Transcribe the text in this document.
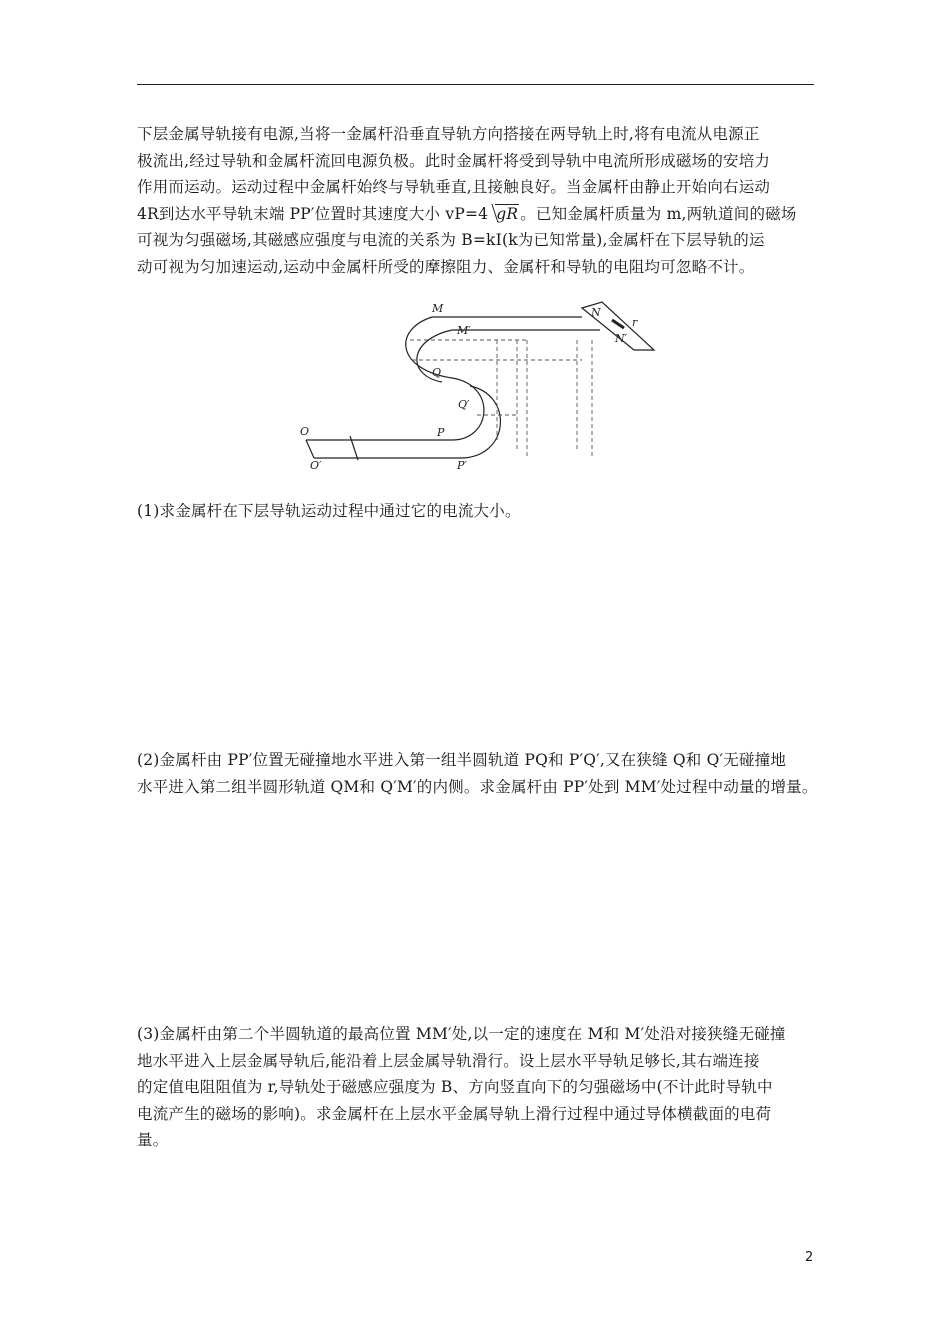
下层金属导轨接有电源,当将一金属杆沿垂直导轨方向搭接在两导轨上时,将有电流从电源正
极流出,经过导轨和金属杆流回电源负极。此时金属杆将受到导轨中电流所形成磁场的安培力
作用而运动。运动过程中金属杆始终与导轨垂直,且接触良好。当金属杆由静止开始向右运动
4R到达水平导轨末端 PP′位置时其速度大小 vP=4 gR 。已知金属杆质量为 m,两轨道间的磁场
可视为匀强磁场,其磁感应强度与电流的关系为 B=kI(k为已知常量),金属杆在下层导轨的运
动可视为匀加速运动,运动中金属杆所受的摩擦阻力、金属杆和导轨的电阻均可忽略不计。
M
M′
N
N′
r
Q
Q′
O
O′
P
P′

(1)求金属杆在下层导轨运动过程中通过它的电流大小。

(2)金属杆由 PP′位置无碰撞地水平进入第一组半圆轨道 PQ和 P′Q′,又在狭缝 Q和 Q′无碰撞地
水平进入第二组半圆形轨道 QM和 Q′M′的内侧。求金属杆由 PP′处到 MM′处过程中动量的增量。
(3)金属杆由第二个半圆轨道的最高位置 MM′处,以一定的速度在 M和 M′处沿对接狭缝无碰撞
地水平进入上层金属导轨后,能沿着上层金属导轨滑行。设上层水平导轨足够长,其右端连接
的定值电阻阻值为 r,导轨处于磁感应强度为 B、方向竖直向下的匀强磁场中(不计此时导轨中
电流产生的磁场的影响)。求金属杆在上层水平金属导轨上滑行过程中通过导体横截面的电荷
量。
2
